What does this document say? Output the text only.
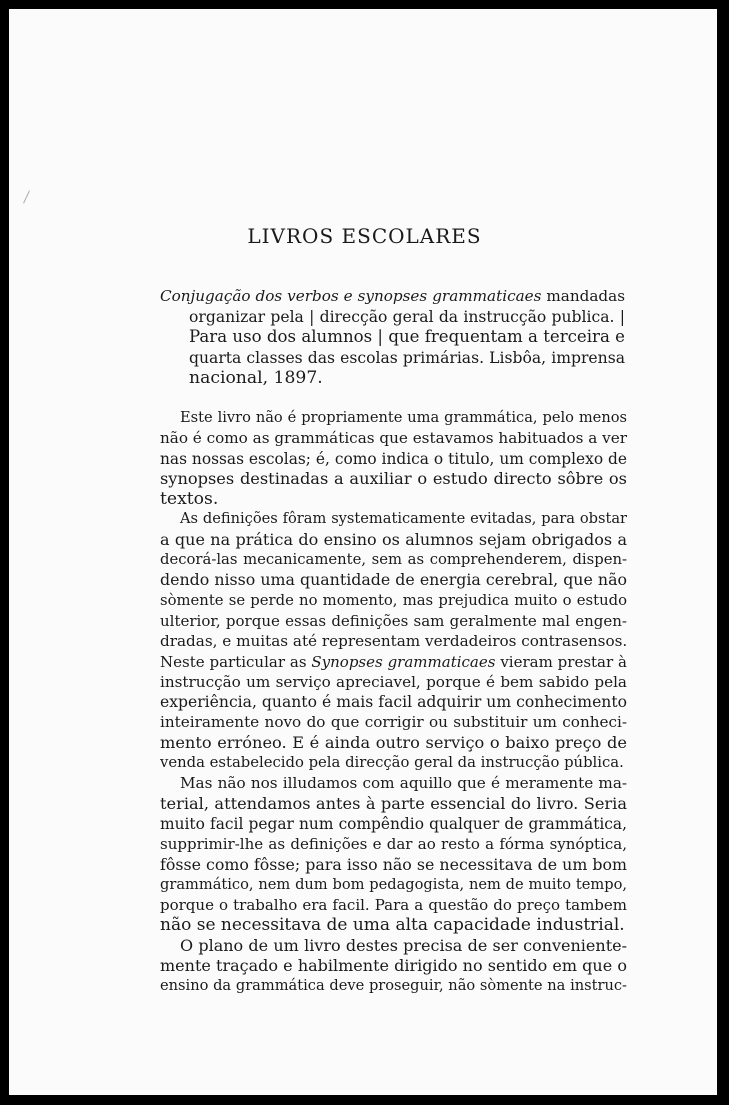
LIVROS ESCOLARES
Conjugação dos verbos e synopses grammaticaes mandadas
organizar pela | direcção geral da instrucção publica. |
Para uso dos alumnos | que frequentam a terceira e
quarta classes das escolas primárias. Lisbôa, imprensa
nacional, 1897.
Este livro não é propriamente uma grammática, pelo menos
não é como as grammáticas que estavamos habituados a ver
nas nossas escolas; é, como indica o titulo, um complexo de
synopses destinadas a auxiliar o estudo directo sôbre os
textos.
As definições fôram systematicamente evitadas, para obstar
a que na prática do ensino os alumnos sejam obrigados a
decorá-las mecanicamente, sem as comprehenderem, dispen-
dendo nisso uma quantidade de energia cerebral, que não
sòmente se perde no momento, mas prejudica muito o estudo
ulterior, porque essas definições sam geralmente mal engen-
dradas, e muitas até representam verdadeiros contrasensos.
Neste particular as Synopses grammaticaes vieram prestar à
instrucção um serviço apreciavel, porque é bem sabido pela
experiência, quanto é mais facil adquirir um conhecimento
inteiramente novo do que corrigir ou substituir um conheci-
mento erróneo. E é ainda outro serviço o baixo preço de
venda estabelecido pela direcção geral da instrucção pública.
Mas não nos illudamos com aquillo que é meramente ma-
terial, attendamos antes à parte essencial do livro. Seria
muito facil pegar num compêndio qualquer de grammática,
supprimir-lhe as definições e dar ao resto a fórma synóptica,
fôsse como fôsse; para isso não se necessitava de um bom
grammático, nem dum bom pedagogista, nem de muito tempo,
porque o trabalho era facil. Para a questão do preço tambem
não se necessitava de uma alta capacidade industrial.
O plano de um livro destes precisa de ser conveniente-
mente traçado e habilmente dirigido no sentido em que o
ensino da grammática deve proseguir, não sòmente na instruc-
